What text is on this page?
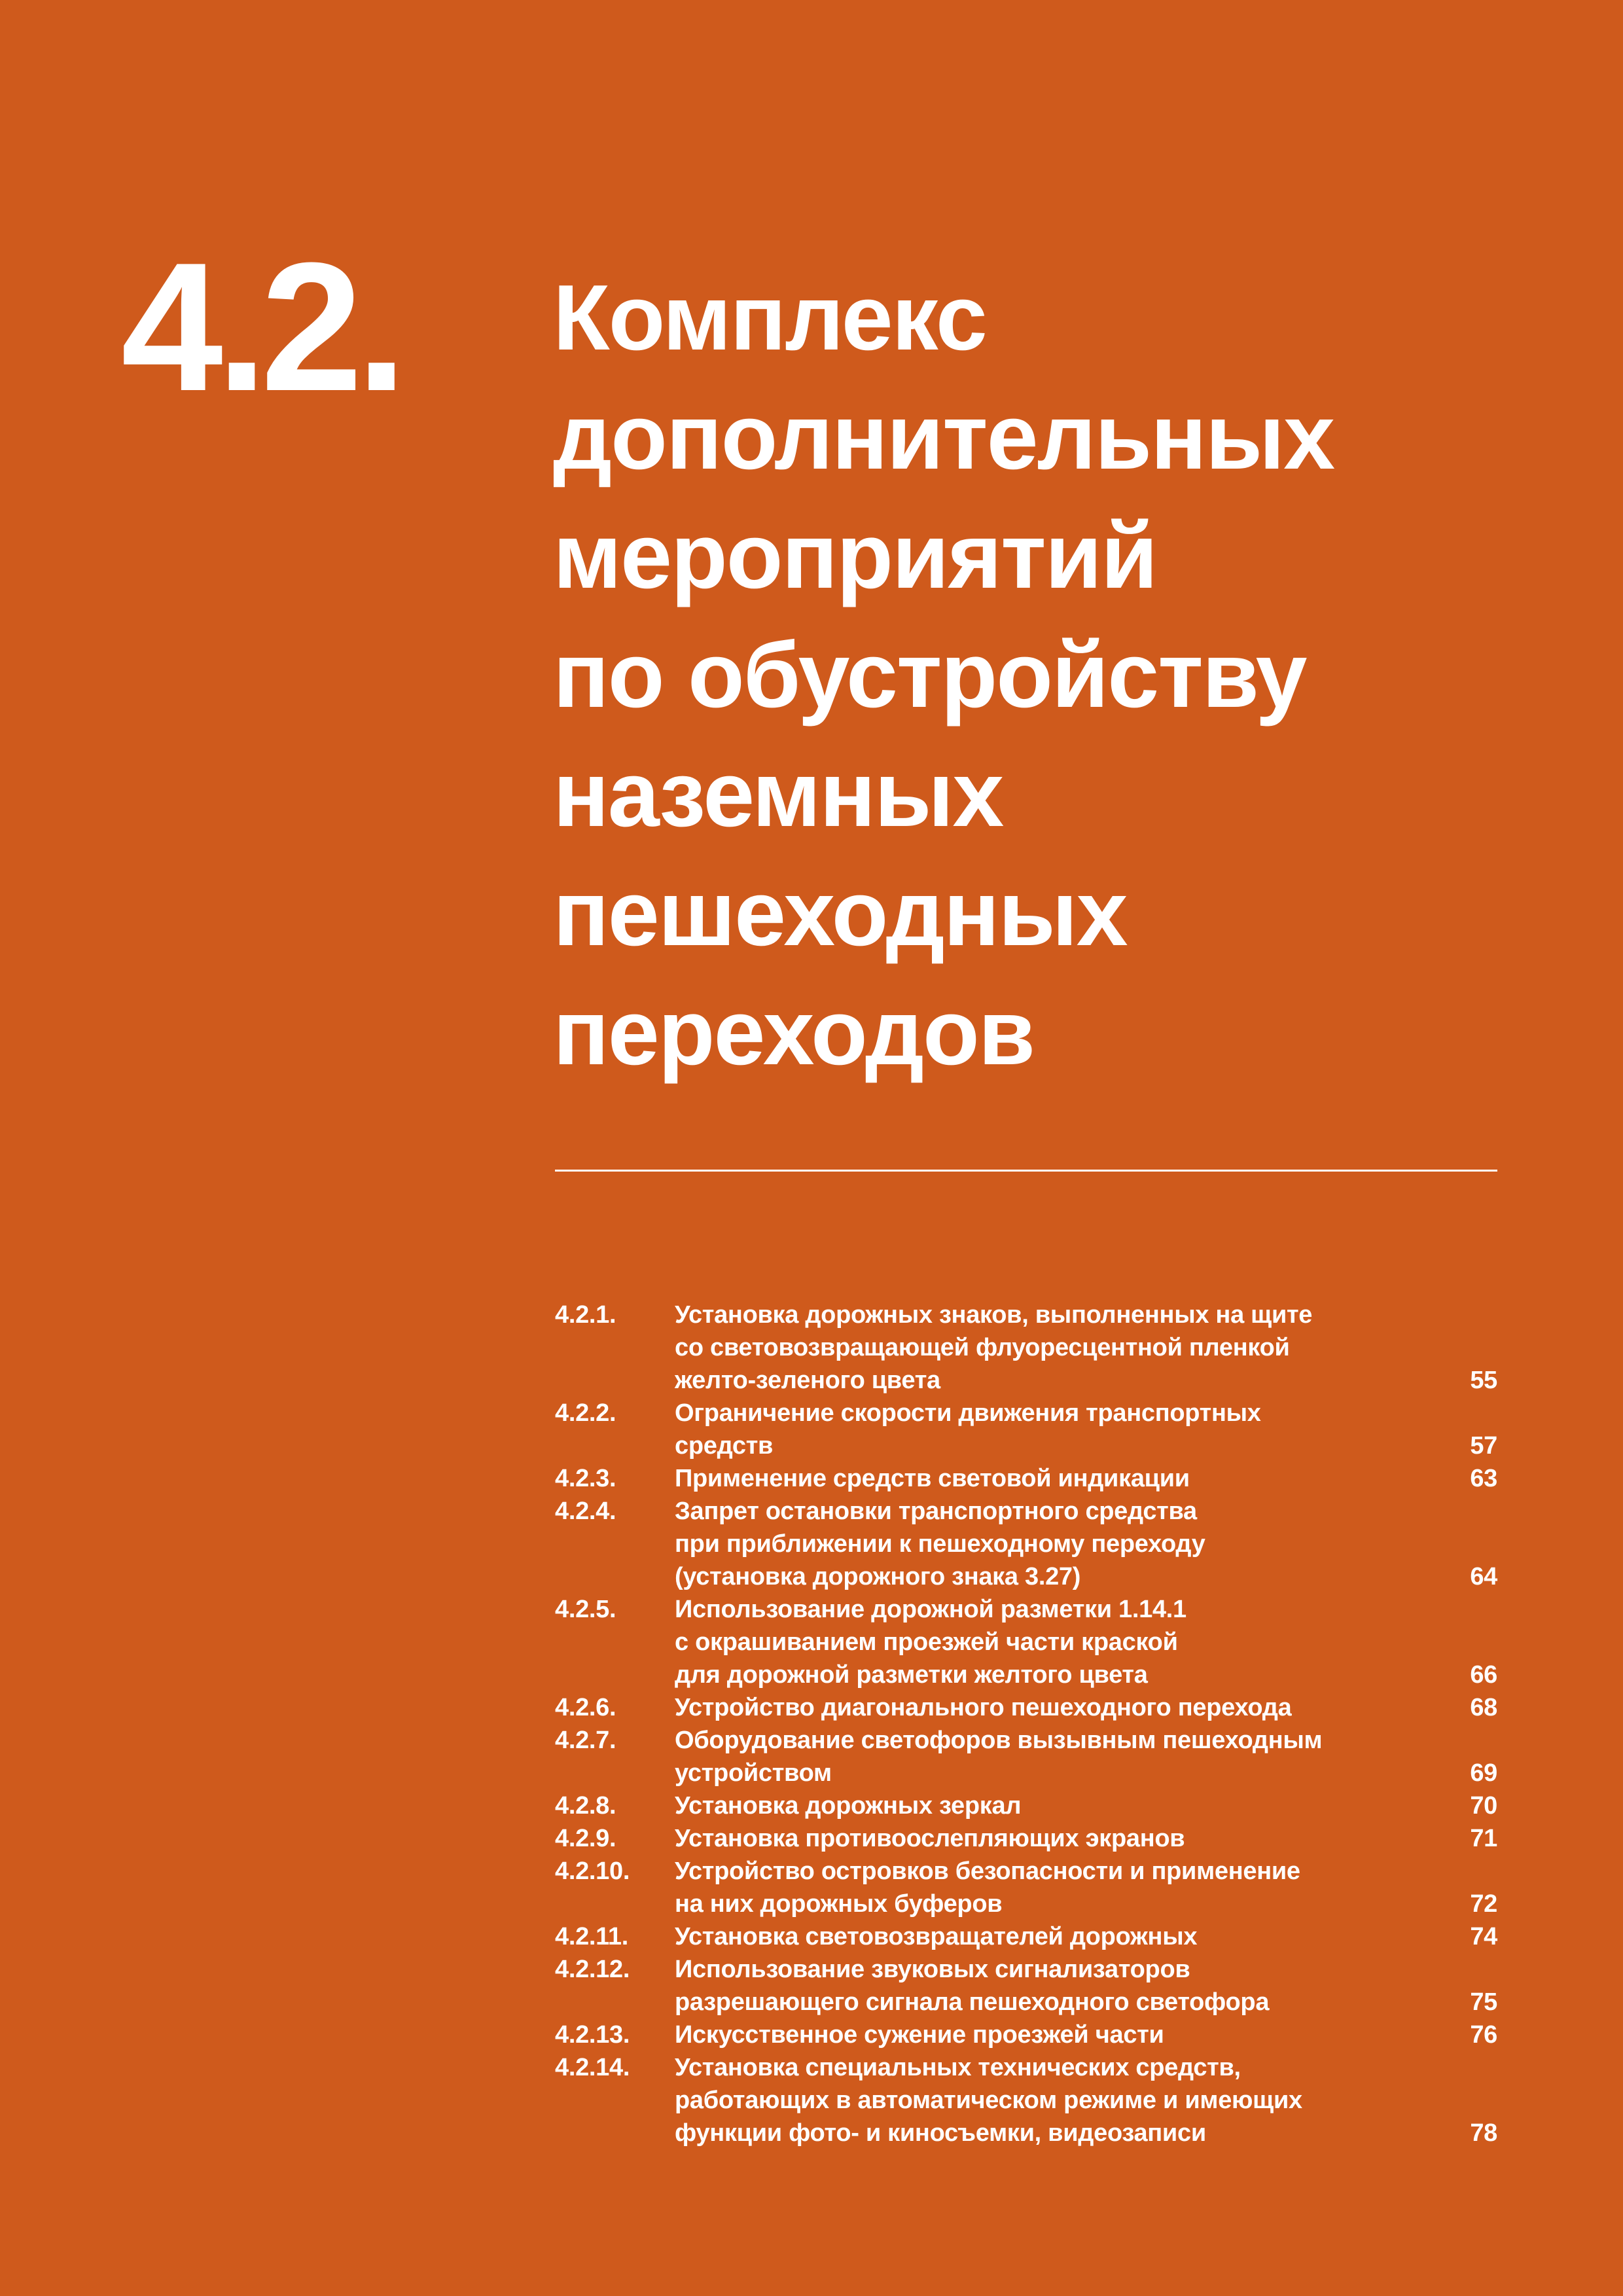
4.2. Комплекс
дополнительных
мероприятий
по обустройству
наземных
пешеходных
переходов
4.2.1.	Установка дорожных знаков, выполненных на щите
со световозвращающей флуоресцентной пленкой
желто-зеленого цвета	55
4.2.2.	Ограничение скорости движения транспортных
средств	57
4.2.3.	Применение средств световой индикации	63
4.2.4.	Запрет остановки транспортного средства
при приближении к пешеходному переходу
(установка дорожного знака 3.27)	64
4.2.5.	Использование дорожной разметки 1.14.1
с окрашиванием проезжей части краской
для дорожной разметки желтого цвета	66
4.2.6.	Устройство диагонального пешеходного перехода	68
4.2.7.	Оборудование светофоров вызывным пешеходным
устройством	69
4.2.8.	Установка дорожных зеркал	70
4.2.9.	Установка противоослепляющих экранов	71
4.2.10.	Устройство островков безопасности и применение
на них дорожных буферов	72
4.2.11.	Установка световозвращателей дорожных	74
4.2.12.	Использование звуковых сигнализаторов
разрешающего сигнала пешеходного светофора	75
4.2.13.	Искусственное сужение проезжей части	76
4.2.14.	Установка специальных технических средств,
работающих в автоматическом режиме и имеющих
функции фото- и киносъемки, видеозаписи	78
